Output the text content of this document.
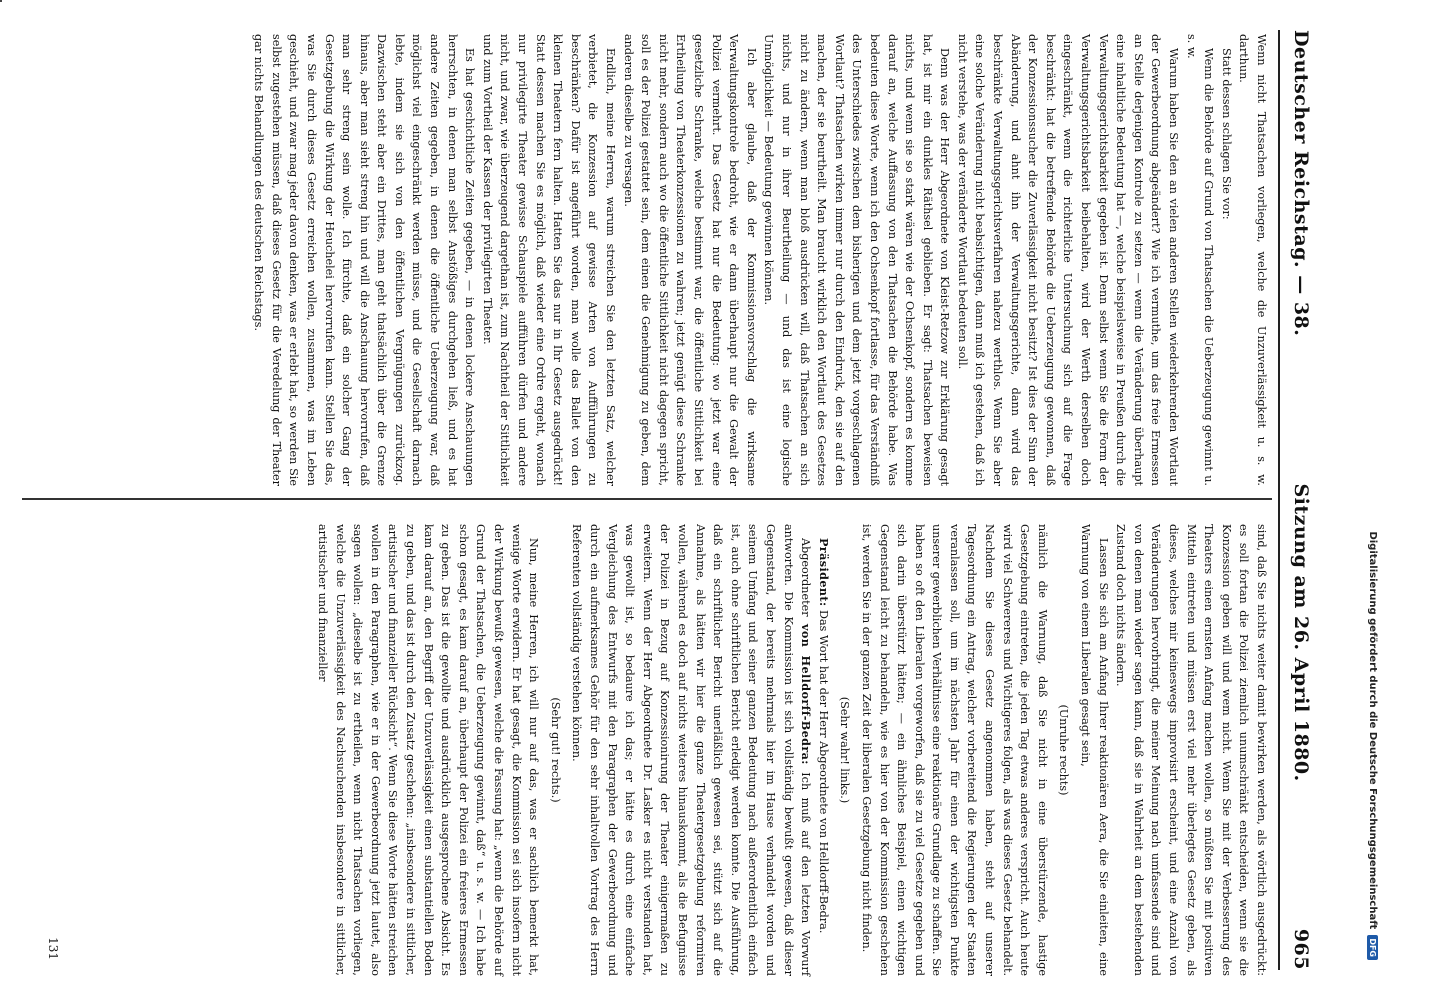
Digitalisierung gefördert durch die Deutsche Forschungsgemeinschaft
DFG
Deutscher Reichstag. — 38.
Sitzung am 26. April 1880.
965

Wenn nicht Thatsachen vorliegen, welche die Unzuverlässigkeit u. s. w. darthun.

Statt dessen schlagen Sie vor:

Wenn die Behörde auf Grund von Thatsachen die Ueberzeugung gewinnt u. s. w.

Warum haben Sie den an vielen anderen Stellen wiederkehrenden Wortlaut der Gewerbeordnung abgeändert? Wie ich vermuthe, um das freie Ermessen an Stelle derjenigen Kontrole zu setzen — wenn die Veränderung überhaupt eine inhaltliche Bedeutung hat —, welche beispielsweise in Preußen durch die Verwaltungsgerichtsbarkeit gegeben ist. Denn selbst wenn Sie die Form der Verwaltungsgerichtsbarkeit beibehalten, wird der Werth derselben doch eingeschränkt, wenn die richterliche Untersuchung sich auf die Frage beschränkt: hat die betreffende Behörde die Ueberzeugung gewonnen, daß der Konzessionssucher die Zuverlässigkeit nicht besitzt? Ist dies der Sinn der Abänderung, und ahnt ihn der Verwaltungsgerichte, dann wird das beschränkte Verwaltungsgerichtsverfahren nahezu werthlos. Wenn Sie aber eine solche Veränderung nicht beabsichtigen, dann muß ich gestehen, daß ich nicht verstehe, was der veränderte Wortlaut bedeuten soll.

Denn was der Herr Abgeordnete von Kleist-Retzow zur Erklärung gesagt hat, ist mir ein dunkles Räthsel geblieben. Er sagt: Thatsachen beweisen nichts, und wenn sie so stark wären wie der Ochsenkopf, sondern es komme darauf an, welche Auffassung von den Thatsachen die Behörde habe. Was bedeuten diese Worte, wenn ich den Ochsenkopf fortlasse, für das Verständniß des Unterschiedes zwischen dem bisherigen und dem jetzt vorgeschlagenen Wortlaut? Thatsachen wirken immer nur durch den Eindruck, den sie auf den machen, der sie beurtheilt. Man braucht wirklich den Wortlaut des Gesetzes nicht zu ändern, wenn man bloß ausdrücken will, daß Thatsachen an sich nichts, und nur in ihrer Beurtheilung — und das ist eine logische Unmöglichkeit — Bedeutung gewinnen können.

Ich aber glaube, daß der Kommissionsvorschlag die wirksame Verwaltungskontrole bedroht, wie er dann überhaupt nur die Gewalt der Polizei vermehrt. Das Gesetz hat nur die Bedeutung: wo jetzt war eine gesetzliche Schranke, welche bestimmt war, die öffentliche Sittlichkeit bei Ertheilung von Theaterkonzessionen zu wahren; jetzt genügt diese Schranke nicht mehr, sondern auch wo die öffentliche Sittlichkeit nicht dagegen spricht, soll es der Polizei gestattet sein, dem einen die Genehmigung zu geben, dem anderen dieselbe zu versagen.

Endlich, meine Herren, warum streichen Sie den letzten Satz, welcher verbietet, die Konzession auf gewisse Arten von Aufführungen zu beschränken? Dafür ist angeführt worden, man wolle das Ballet von den kleinen Theatern fern halten. Hatten Sie das nur in Ihr Gesetz ausgedrückt! Statt dessen machen Sie es möglich, daß wieder eine Ordre ergeht, wonach nur privilegirte Theater gewisse Schauspiele aufführen dürfen und andere nicht, und zwar, wie überzeugend dargethan ist, zum Nachtheil der Sittlichkeit und zum Vortheil der Kassen der privilegirten Theater.

Es hat geschichtliche Zeiten gegeben, — in denen lockere Anschauungen herrschten, in denen man selbst Anstößiges durchgehen ließ, und es hat andere Zeiten gegeben, in denen die öffentliche Ueberzeugung war, daß möglichst viel eingeschränkt werden müsse, und die Gesellschaft darnach lebte, indem sie sich von den öffentlichen Vergnügungen zurückzog. Dazwischen steht aber ein Drittes, man geht thatsächlich über die Grenze hinaus, aber man sieht streng hin und will die Anschauung hervorrufen, daß man sehr streng sein wolle. Ich fürchte, daß ein solcher Gang der Gesetzgebung die Wirkung der Heuchelei hervorrufen kann. Stellen Sie das, was Sie durch dieses Gesetz erreichen wollen, zusammen, was im Leben geschieht, und zwar mag jeder davon denken, was er erlebt hat, so werden Sie selbst zugestehen müssen, daß dieses Gesetz für die Veredelung der Theater gar nichts Behandlungen des deutschen Reichstags.

sind, daß Sie nichts weiter damit bewirken werden, als wörtlich ausgedrückt: es soll fortan die Polizei ziemlich unumschränkt entscheiden, wenn sie die Konzession geben will und wem nicht. Wenn Sie mit der Verbesserung des Theaters einen ernsten Anfang machen wollen, so müßten Sie mit positiven Mitteln eintreten und müssen erst viel mehr überlegtes Gesetz geben, als dieses, welches mir keineswegs improvisirt erscheint, und eine Anzahl von Veränderungen hervorbringt, die meiner Meinung nach umfassende sind und von denen man wieder sagen kann, daß sie in Wahrheit an dem bestehenden Zustand doch nichts ändern.

Lassen Sie sich am Anfang Ihrer reaktionären Aera, die Sie einleiten, eine Warnung von einem Liberalen gesagt sein,

(Unruhe rechts)

nämlich die Warnung, daß Sie nicht in eine überstürzende, hastige Gesetzgebung eintreten, die jeden Tag etwas anderes verspricht. Auch heute wird viel Schwereres und Wichtigeres folgen, als was dieses Gesetz behandelt. Nachdem Sie dieses Gesetz angenommen haben, steht auf unserer Tagesordnung ein Antrag, welcher vorbereitend die Regierungen der Staaten veranlassen soll, um im nächsten Jahr für einen der wichtigsten Punkte unserer gewerblichen Verhältnisse eine reaktionäre Grundlage zu schaffen. Sie haben so oft den Liberalen vorgeworfen, daß sie zu viel Gesetze gegeben und sich darin überstürzt hätten; — ein ähnliches Beispiel, einen wichtigen Gegenstand leicht zu behandeln, wie es hier von der Kommission geschehen ist, werden Sie in der ganzen Zeit der liberalen Gesetzgebung nicht finden.

(Sehr wahr! links.)

Präsident: Das Wort hat der Herr Abgeordnete von Helldorff-Bedra.

Abgeordneter von Helldorff-Bedra: Ich muß auf den letzten Vorwurf antworten. Die Kommission ist sich vollständig bewußt gewesen, daß dieser Gegenstand, der bereits mehrmals hier im Hause verhandelt worden und seinem Umfang und seiner ganzen Bedeutung nach außerordentlich einfach ist, auch ohne schriftlichen Bericht erledigt werden konnte. Die Ausführung, daß ein schriftlicher Bericht unerläßlich gewesen sei, stützt sich auf die Annahme, als hätten wir hier die ganze Theatergesetzgebung reformiren wollen, während es doch auf nichts weiteres hinauskommt, als die Befugnisse der Polizei in Bezug auf Konzessionirung der Theater einigermaßen zu erweitern. Wenn der Herr Abgeordnete Dr. Lasker es nicht verstanden hat, was gewollt ist, so bedaure ich das; er hätte es durch eine einfache Vergleichung des Entwurfs mit den Paragraphen der Gewerbeordnung und durch ein aufmerksames Gehör für den sehr inhaltvollen Vortrag des Herrn Referenten vollständig verstehen können.

(Sehr gut! rechts.)

Nun, meine Herren, ich will nur auf das, was er sachlich bemerkt hat, wenige Worte erwidern. Er hat gesagt, die Kommission sei sich insofern nicht der Wirkung bewußt gewesen, welche die Fassung hat: „wenn die Behörde auf Grund der Thatsachen, die Ueberzeugung gewinnt, daß“ u. s. w. — Ich habe schon gesagt, es kam darauf an, überhaupt der Polizei ein freieres Ermessen zu geben. Das ist die gewollte und ausdrücklich ausgesprochene Absicht. Es kam darauf an, den Begriff der Unzuverlässigkeit einen substantiellen Boden zu geben, und das ist durch den Zusatz geschehen: „insbesondere in sittlicher, artistischer und finanzieller Rücksicht“. Wenn Sie diese Worte hätten streichen wollen in den Paragraphen, wie er in der Gewerbeordnung jetzt lautet, also sagen wollen: „dieselbe ist zu ertheilen, wenn nicht Thatsachen vorliegen, welche die Unzuverlässigkeit des Nachsuchenden insbesondere in sittlicher, artistischer und finanzieller

131
